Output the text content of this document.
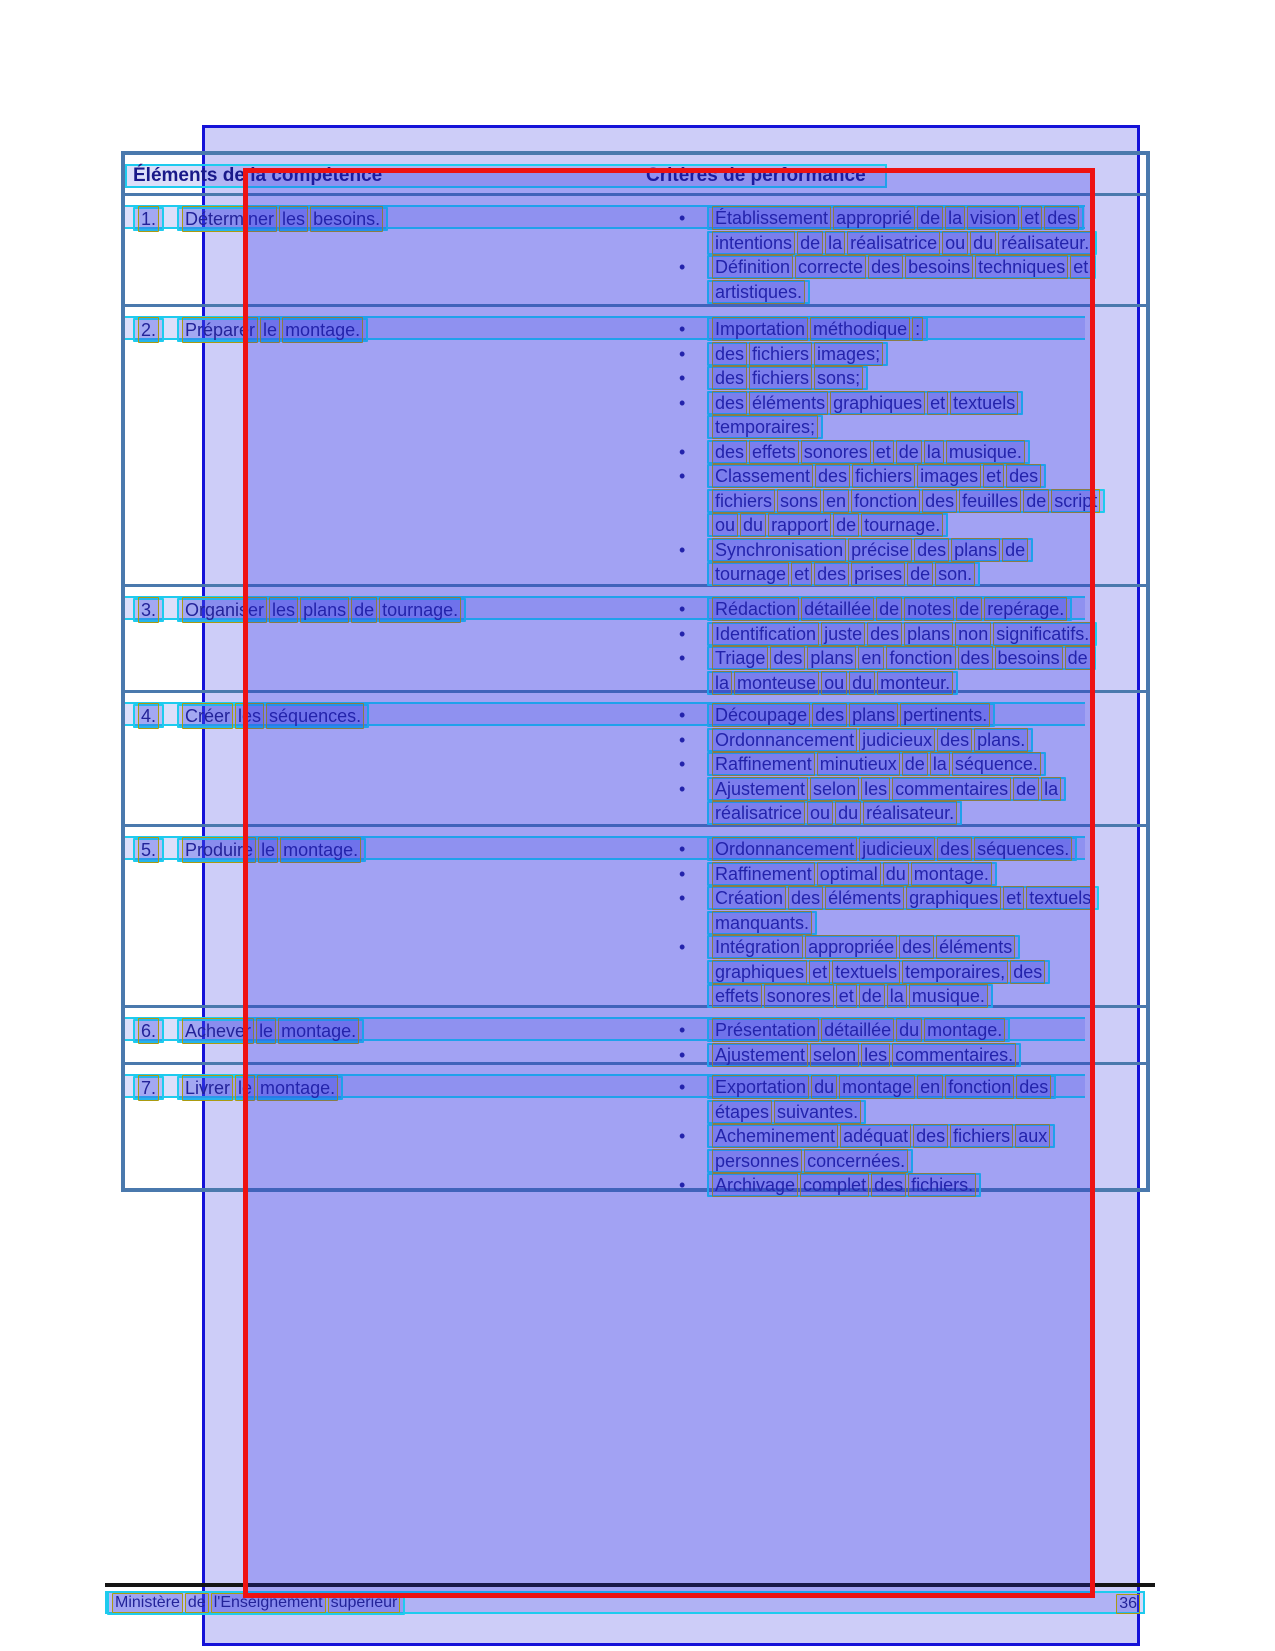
Éléments de la compétence	Critères de performance
1. Déterminer les besoins.	•	Établissement approprié de la vision et des
intentions de la réalisatrice ou du réalisateur.
•	Définition correcte des besoins techniques et
artistiques.
2. Préparer le montage.	•	Importation méthodique :
•	des fichiers images;
•	des fichiers sons;
•	des éléments graphiques et textuels
temporaires;
•	des effets sonores et de la musique.
•	Classement des fichiers images et des
fichiers sons en fonction des feuilles de script
ou du rapport de tournage.
•	Synchronisation précise des plans de
tournage et des prises de son.
3. Organiser les plans de tournage.	•	Rédaction détaillée de notes de repérage.
•	Identification juste des plans non significatifs.
•	Triage des plans en fonction des besoins de
la monteuse ou du monteur.
4. Créer les séquences.	•	Découpage des plans pertinents.
•	Ordonnancement judicieux des plans.
•	Raffinement minutieux de la séquence.
•	Ajustement selon les commentaires de la
réalisatrice ou du réalisateur.
5. Produire le montage.	•	Ordonnancement judicieux des séquences.
•	Raffinement optimal du montage.
•	Création des éléments graphiques et textuels
manquants.
•	Intégration appropriée des éléments
graphiques et textuels temporaires, des
effets sonores et de la musique.
6. Achever le montage.	•	Présentation détaillée du montage.
•	Ajustement selon les commentaires.
7. Livrer le montage.	•	Exportation du montage en fonction des
étapes suivantes.
•	Acheminement adéquat des fichiers aux
personnes concernées.
•	Archivage complet des fichiers.
Ministère de l'Enseignement supérieur	36
